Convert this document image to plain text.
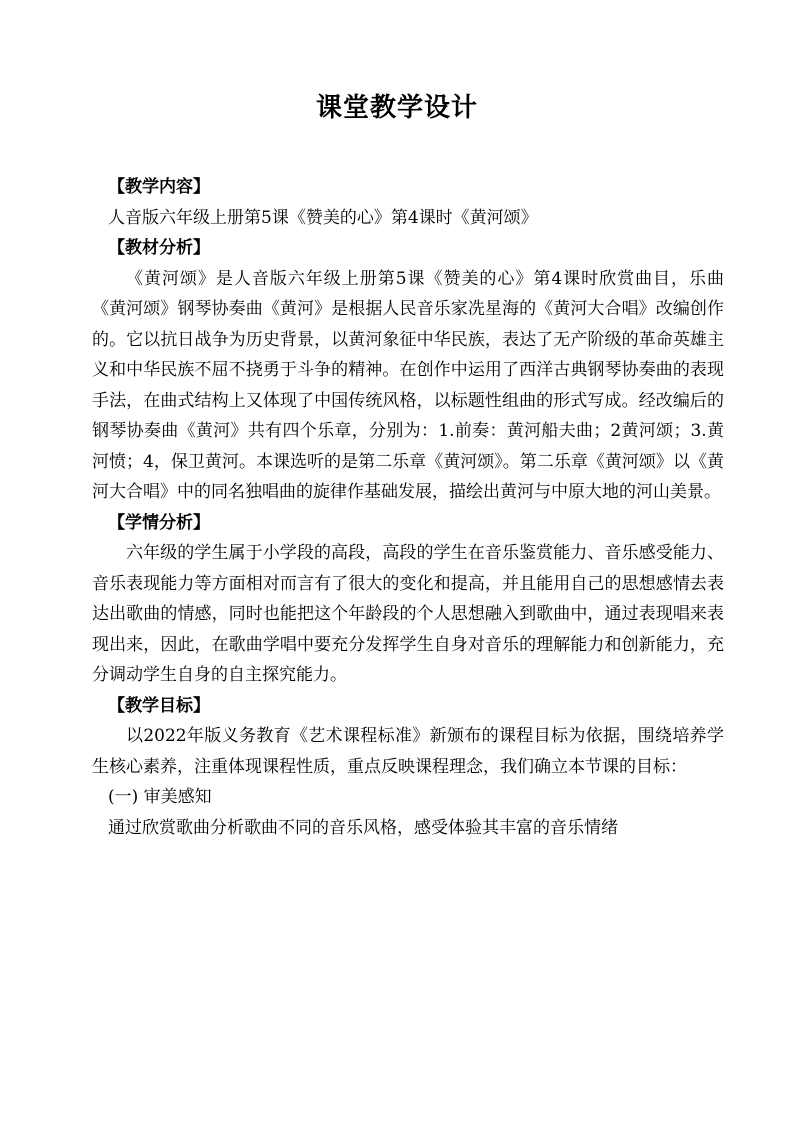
课堂教学设计

【教学内容】

人音版六年级上册第5课《赞美的心》第4课时《黄河颂》

【教材分析】

《黄河颂》是人音版六年级上册第5课《赞美的心》第4课时欣赏曲目，乐曲《黄河颂》钢琴协奏曲《黄河》是根据人民音乐家冼星海的《黄河大合唱》改编创作的。它以抗日战争为历史背景，以黄河象征中华民族，表达了无产阶级的革命英雄主义和中华民族不屈不挠勇于斗争的精神。在创作中运用了西洋古典钢琴协奏曲的表现手法，在曲式结构上又体现了中国传统风格，以标题性组曲的形式写成。经改编后的钢琴协奏曲《黄河》共有四个乐章，分别为：1.前奏：黄河船夫曲；2黄河颂；3.黄河愤；4，保卫黄河。本课选听的是第二乐章《黄河颂》。第二乐章《黄河颂》以《黄河大合唱》中的同名独唱曲的旋律作基础发展，描绘出黄河与中原大地的河山美景。

【学情分析】

六年级的学生属于小学段的高段，高段的学生在音乐鉴赏能力、音乐感受能力、音乐表现能力等方面相对而言有了很大的变化和提高，并且能用自己的思想感情去表达出歌曲的情感，同时也能把这个年龄段的个人思想融入到歌曲中，通过表现唱来表现出来，因此，在歌曲学唱中要充分发挥学生自身对音乐的理解能力和创新能力，充分调动学生自身的自主探究能力。

【教学目标】

以2022年版义务教育《艺术课程标准》新颁布的课程目标为依据，围绕培养学生核心素养，注重体现课程性质，重点反映课程理念，我们确立本节课的目标：

(一) 审美感知

通过欣赏歌曲分析歌曲不同的音乐风格，感受体验其丰富的音乐情绪
